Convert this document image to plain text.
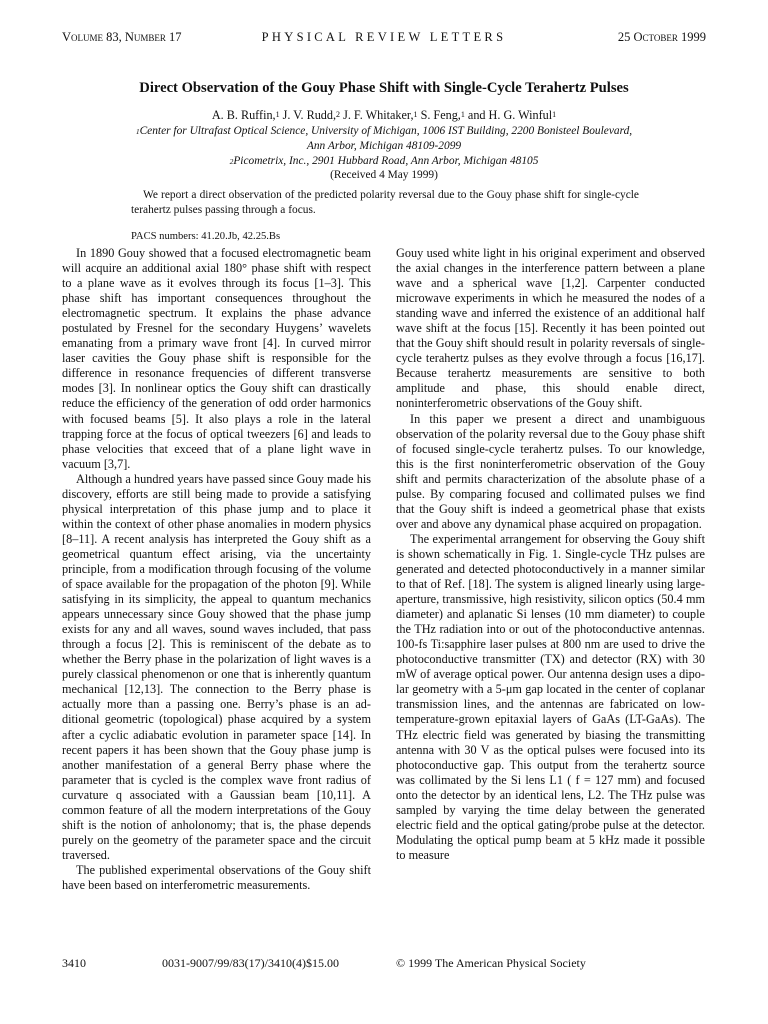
Volume 83, Number 17	PHYSICAL REVIEW LETTERS	25 October 1999
Direct Observation of the Gouy Phase Shift with Single-Cycle Terahertz Pulses
A. B. Ruffin,$^1$ J. V. Rudd,$^2$ J. F. Whitaker,$^1$ S. Feng,$^1$ and H. G. Winful$^1$
$^1$Center for Ultrafast Optical Science, University of Michigan, 1006 IST Building, 2200 Bonisteel Boulevard,
Ann Arbor, Michigan 48109-2099
$^2$Picometrix, Inc., 2901 Hubbard Road, Ann Arbor, Michigan 48105
(Received 4 May 1999)

We report a direct observation of the predicted polarity reversal due to the Gouy phase shift for single-cycle terahertz pulses passing through a focus.

PACS numbers: 41.20.Jb, 42.25.Bs

In 1890 Gouy showed that a focused electromagnetic beam will acquire an additional axial 180° phase shift with respect to a plane wave as it evolves through its focus [1–3]. This phase shift has important consequences throughout the electromagnetic spectrum. It explains the phase advance postulated by Fresnel for the secondary Huygens’ wavelets emanating from a primary wave front [4]. In curved mirror laser cavities the Gouy phase shift is responsible for the difference in resonance frequencies of different transverse modes [3]. In nonlinear optics the Gouy shift can drastically reduce the efficiency of the generation of odd order harmonics with focused beams [5]. It also plays a role in the lateral trapping force at the focus of optical tweezers [6] and leads to phase velocities that exceed that of a plane light wave in vacuum [3,7].

Although a hundred years have passed since Gouy made his discovery, efforts are still being made to provide a satisfying physical interpretation of this phase jump and to place it within the context of other phase anomalies in modern physics [8–11]. A recent analysis has interpreted the Gouy shift as a geometrical quantum effect arising, via the uncertainty principle, from a modification through focusing of the volume of space available for the propagation of the photon [9]. While satisfying in its simplicity, the appeal to quantum mechanics appears unnecessary since Gouy showed that the phase jump exists for any and all waves, sound waves included, that pass through a focus [2]. This is reminiscent of the debate as to whether the Berry phase in the polarization of light waves is a purely classical phenomenon or one that is inherently quantum mechanical [12,13]. The connection to the Berry phase is actually more than a passing one. Berry’s phase is an additional geometric (topological) phase acquired by a system after a cyclic adiabatic evolution in parameter space [14]. In recent papers it has been shown that the Gouy phase jump is another manifestation of a general Berry phase where the parameter that is cycled is the complex wave front radius of curvature q associated with a Gaussian beam [10,11]. A common feature of all the modern interpretations of the Gouy shift is the notion of anholonomy; that is, the phase depends purely on the geometry of the parameter space and the circuit traversed.

The published experimental observations of the Gouy shift have been based on interferometric measurements.

Gouy used white light in his original experiment and observed the axial changes in the interference pattern between a plane wave and a spherical wave [1,2]. Carpenter conducted microwave experiments in which he measured the nodes of a standing wave and inferred the existence of an additional half wave shift at the focus [15]. Recently it has been pointed out that the Gouy shift should result in polarity reversals of single-cycle terahertz pulses as they evolve through a focus [16,17]. Because terahertz measurements are sensitive to both amplitude and phase, this should enable direct, noninterferometric observations of the Gouy shift.

In this paper we present a direct and unambiguous observation of the polarity reversal due to the Gouy phase shift of focused single-cycle terahertz pulses. To our knowledge, this is the first noninterferometric observation of the Gouy shift and permits characterization of the absolute phase of a pulse. By comparing focused and collimated pulses we find that the Gouy shift is indeed a geometrical phase that exists over and above any dynamical phase acquired on propagation.

The experimental arrangement for observing the Gouy shift is shown schematically in Fig. 1. Single-cycle THz pulses are generated and detected photoconductively in a manner similar to that of Ref. [18]. The system is aligned linearly using large-aperture, transmissive, high resistivity, silicon optics (50.4 mm diameter) and aplanatic Si lenses (10 mm diameter) to couple the THz radiation into or out of the photoconductive antennas. 100-fs Ti:sapphire laser pulses at 800 nm are used to drive the photoconductive transmitter (TX) and detector (RX) with 30 mW of average optical power. Our antenna design uses a dipolar geometry with a 5-μm gap located in the center of coplanar transmission lines, and the antennas are fabricated on low-temperature-grown epitaxial layers of GaAs (LT-GaAs). The THz electric field was generated by biasing the transmitting antenna with 30 V as the optical pulses were focused into its photoconductive gap. This output from the terahertz source was collimated by the Si lens L1 ( f = 127 mm) and focused onto the detector by an identical lens, L2. The THz pulse was sampled by varying the time delay between the generated electric field and the optical gating/probe pulse at the detector. Modulating the optical pump beam at 5 kHz made it possible to measure

3410	0031-9007/99/83(17)/3410(4)$15.00	© 1999 The American Physical Society
